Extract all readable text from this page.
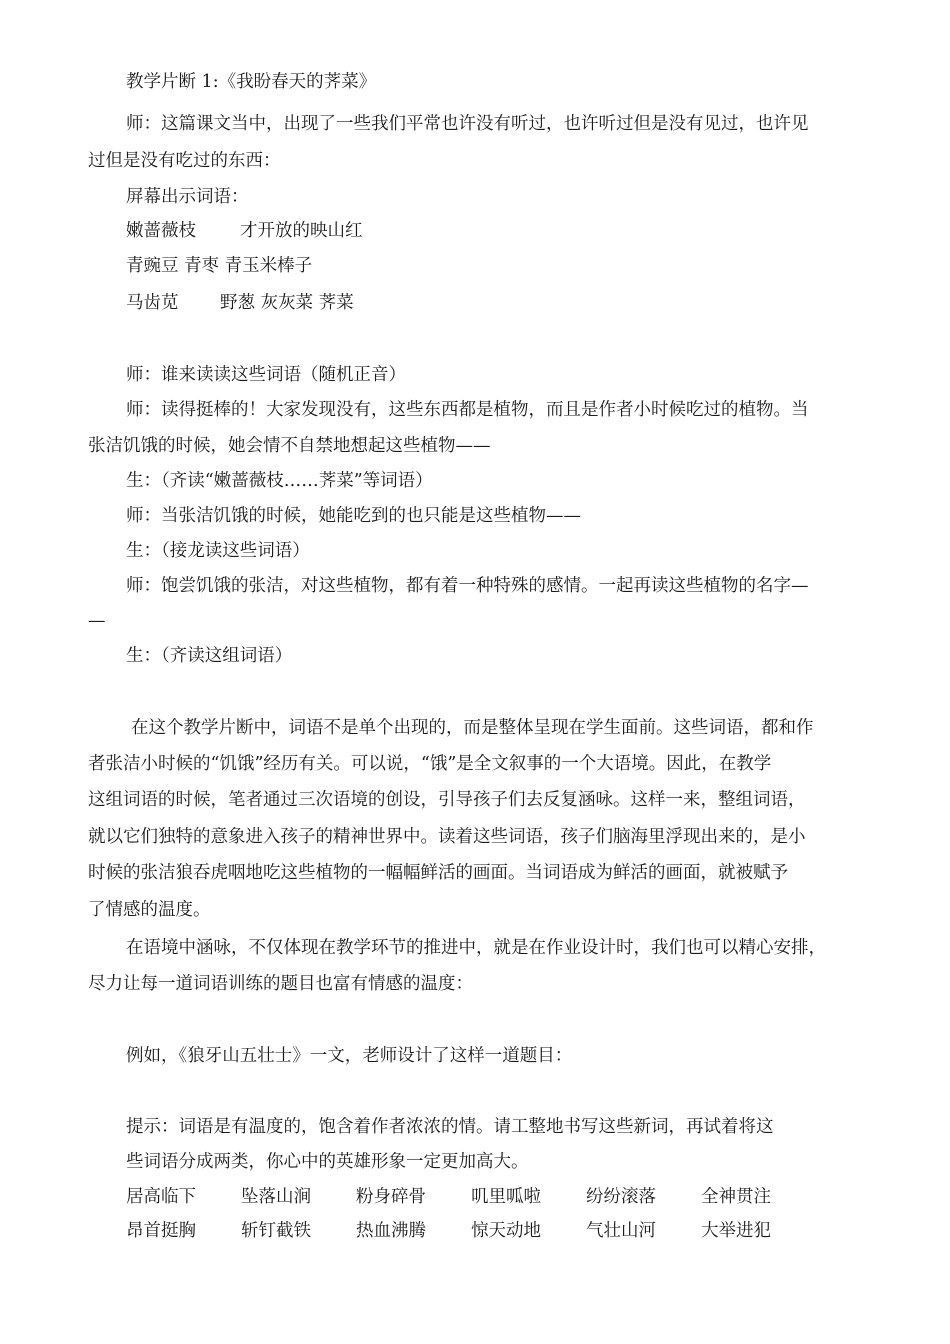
教学片断 1:《我盼春天的荠菜》
师：这篇课文当中，出现了一些我们平常也许没有听过，也许听过但是没有见过，也许见
过但是没有吃过的东西：
屏幕出示词语：
嫩蔷薇枝	才开放的映山红
青豌豆 青枣 青玉米棒子
马齿苋 野葱 灰灰菜 荠菜
师：谁来读读这些词语（随机正音）
师：读得挺棒的！大家发现没有，这些东西都是植物，而且是作者小时候吃过的植物。当
张洁饥饿的时候，她会情不自禁地想起这些植物——
生：（齐读“嫩蔷薇枝……荠菜”等词语）
师：当张洁饥饿的时候，她能吃到的也只能是这些植物——
生：（接龙读这些词语）
师：饱尝饥饿的张洁，对这些植物，都有着一种特殊的感情。一起再读这些植物的名字—
—
生：（齐读这组词语）
在这个教学片断中，词语不是单个出现的，而是整体呈现在学生面前。这些词语，都和作
者张洁小时候的“饥饿”经历有关。可以说，“饿”是全文叙事的一个大语境。因此，在教学
这组词语的时候，笔者通过三次语境的创设，引导孩子们去反复涵咏。这样一来，整组词语，
就以它们独特的意象进入孩子的精神世界中。读着这些词语，孩子们脑海里浮现出来的，是小
时候的张洁狼吞虎咽地吃这些植物的一幅幅鲜活的画面。当词语成为鲜活的画面，就被赋予
了情感的温度。
在语境中涵咏，不仅体现在教学环节的推进中，就是在作业设计时，我们也可以精心安排，
尽力让每一道词语训练的题目也富有情感的温度：
例如，《狼牙山五壮士》一文，老师设计了这样一道题目：
提示：词语是有温度的，饱含着作者浓浓的情。请工整地书写这些新词，再试着将这
些词语分成两类，你心中的英雄形象一定更加高大。
居高临下	坠落山涧	粉身碎骨	叽里呱啦	纷纷滚落	全神贯注
昂首挺胸	斩钉截铁	热血沸腾	惊天动地	气壮山河	大举进犯
